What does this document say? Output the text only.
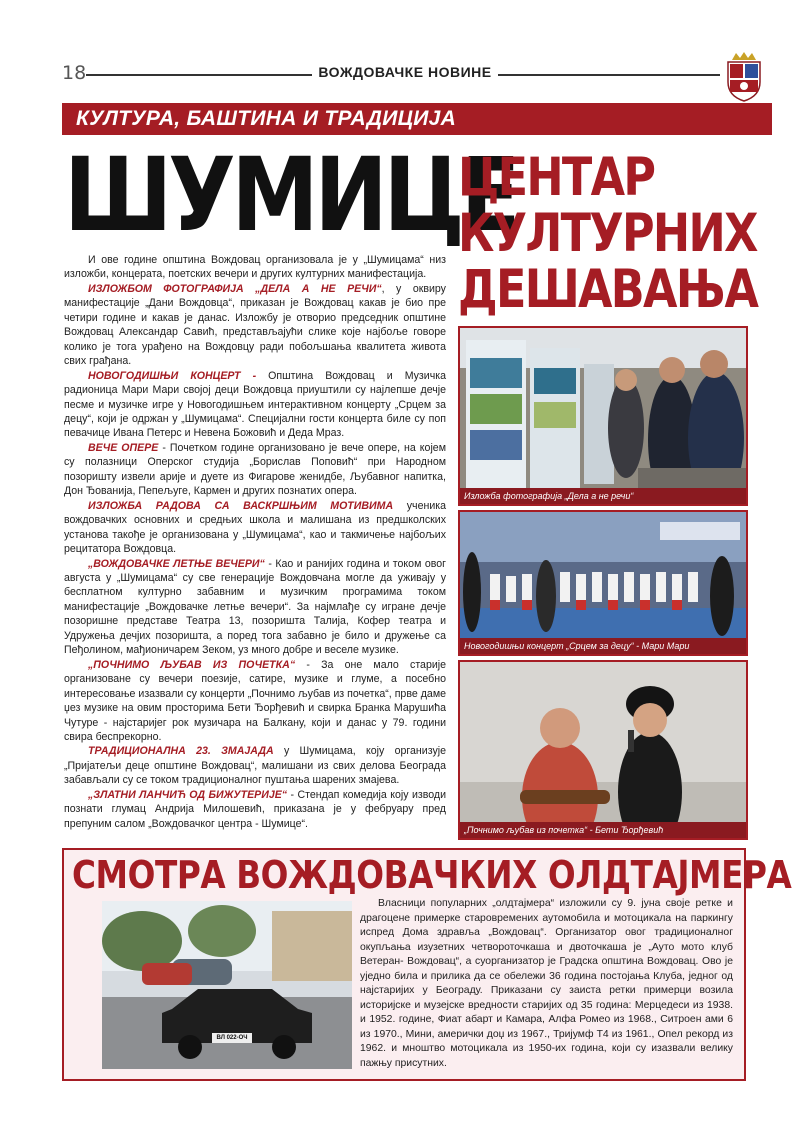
18	ВОЖДОВАЧКЕ НОВИНЕ
КУЛТУРА, БАШТИНА И ТРАДИЦИЈА
ШУМИЦЕ
ЦЕНТАР
КУЛТУРНИХ
ДЕШАВАЊА

И ове године општина Вождовац организовала је у „Шумицама“ низ изложби, концерата, поетских вечери и других културних манифестација.

ИЗЛОЖБОМ ФОТОГРАФИЈА „ДЕЛА А НЕ РЕЧИ“, у оквиру манифестације „Дани Вождовца“, приказан је Вождовац какав је био пре четири године и какав је данас. Изложбу је отворио председник општине Вождовац Александар Савић, представљајући слике које најбоље говоре колико је тога урађено на Вождовцу ради побољшања квалитета живота свих грађана.

НОВОГОДИШЊИ КОНЦЕРТ - Општина Вождовац и Музичка радионица Мари Мари својој деци Вождовца приуштили су најлепше дечје песме и музичке игре у Новогодишњем интерактивном концерту „Срцем за децу“, који је одржан у „Шумицама“. Специјални гости концерта биле су поп певачице Ивана Петерс и Невена Божовић и Деда Мраз.

ВЕЧЕ ОПЕРЕ - Почетком године организовано је вече опере, на којем су полазници Оперског студија „Борислав Поповић“ при Народном позоришту извели арије и дуете из Фигарове женидбе, Љубавног напитка, Дон Ђованија, Пепељуге, Кармен и других познатих опера.

ИЗЛОЖБА РАДОВА СА ВАСКРШЊИМ МОТИВИМА ученика вождовачких основних и средњих школа и малишана из предшколских установа такође је организована у „Шумицама“, као и такмичење најбољих рецитатора Вождовца.

„ВОЖДОВАЧКЕ ЛЕТЊЕ ВЕЧЕРИ“ - Као и ранијих година и током овог августа у „Шумицама“ су све генерације Вождовчана могле да уживају у бесплатном културно забавним и музичким програмима током манифестације „Вождовачке летње вечери“. За најмлађе су игране дечје позоришне представе Театра 13, позоришта Талија, Кофер театра и Удружења дечјих позоришта, а поред тога забавно је било и дружење са Пеђолином, мађионичарем Зеком, уз много добре и веселе музике.

„ПОЧНИМО ЉУБАВ ИЗ ПОЧЕТКА“ - За оне мало старије организоване су вечери поезије, сатире, музике и глуме, а посебно интересовање изазвали су концерти „Почнимо љубав из почетка“, прве даме џез музике на овим просторима Бети Ђорђевић и свирка Бранка Марушића Чутуре - најстаријег рок музичара на Балкану, који и данас у 79. години свира беспрекорно.

ТРАДИЦИОНАЛНА 23. ЗМАЈАДА у Шумицама, коју организује „Пријатељи деце општине Вождовац“, малишани из свих делова Београда забављали су се током традиционалног пуштања шарених змајева.

„ЗЛАТНИ ЛАНЧИЋ ОД БИЖУТЕРИЈЕ“ - Стендап комедија коју изводи познати глумац Андрија Милошевић, приказана је у фебруару пред препуним салом „Вождовачког центра - Шумице“.

Изложба фотографија „Дела а не речи“
Новогодишњи концерт „Срцем за децу“ - Мари Мари
„Почнимо љубав из почетка“ - Бети Ђорђевић
СМОТРА ВОЖДОВАЧКИХ ОЛДТАЈМЕРА
ВЛ 022-ОЧ

Власници популарних „олдтајмера“ изложили су 9. јуна своје ретке и драгоцене примерке старовремених аутомобила и мотоцикала на паркингу испред Дома здравља „Вождовац“. Организатор овог традиционалног окупљања изузетних четвороточкаша и двоточкаша је „Ауто мото клуб Ветеран- Вождовац“, а суорганизатор је Градска општина Вождовац. Ово је уједно била и прилика да се обележи 36 година постојања Клуба, једног од најстаријих у Београду. Приказани су заиста ретки примерци возила историјске и музејске вредности старијих од 35 година: Мерцедеси из 1938. и 1952. године, Фиат абарт и Камара, Алфа Ромео из 1968., Ситроен ами 6 из 1970., Мини, амерички доџ из 1967., Тријумф Т4 из 1961., Опел рекорд из 1962. и мноштво мотоцикала из 1950-их година, који су изазвали велику пажњу присутних.
